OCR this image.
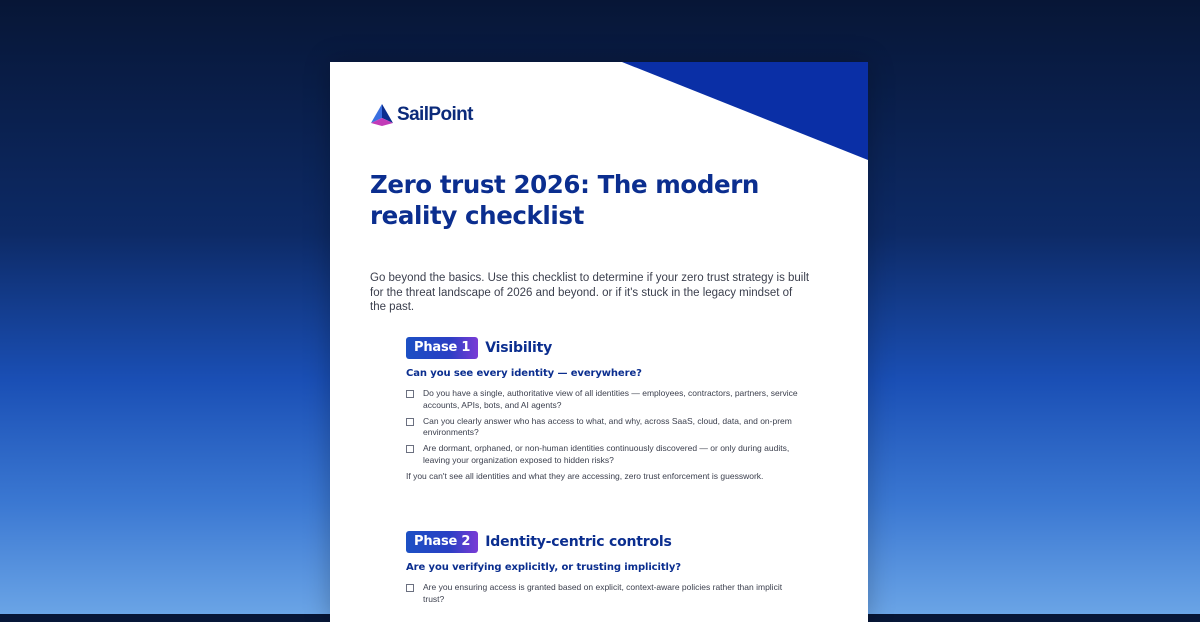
SailPoint
Zero trust 2026: The modern reality checklist

Go beyond the basics. Use this checklist to determine if your zero trust strategy is built for the threat landscape of 2026 and beyond. or if it's stuck in the legacy mindset of the past.

Phase 1	Visibility
Can you see every identity — everywhere?
Do you have a single, authoritative view of all identities — employees, contractors, partners, service accounts, APIs, bots, and AI agents?
Can you clearly answer who has access to what, and why, across SaaS, cloud, data, and on-prem environments?
Are dormant, orphaned, or non-human identities continuously discovered — or only during audits, leaving your organization exposed to hidden risks?
If you can't see all identities and what they are accessing, zero trust enforcement is guesswork.
Phase 2	Identity-centric controls
Are you verifying explicitly, or trusting implicitly?
Are you ensuring access is granted based on explicit, context-aware policies rather than implicit trust?
